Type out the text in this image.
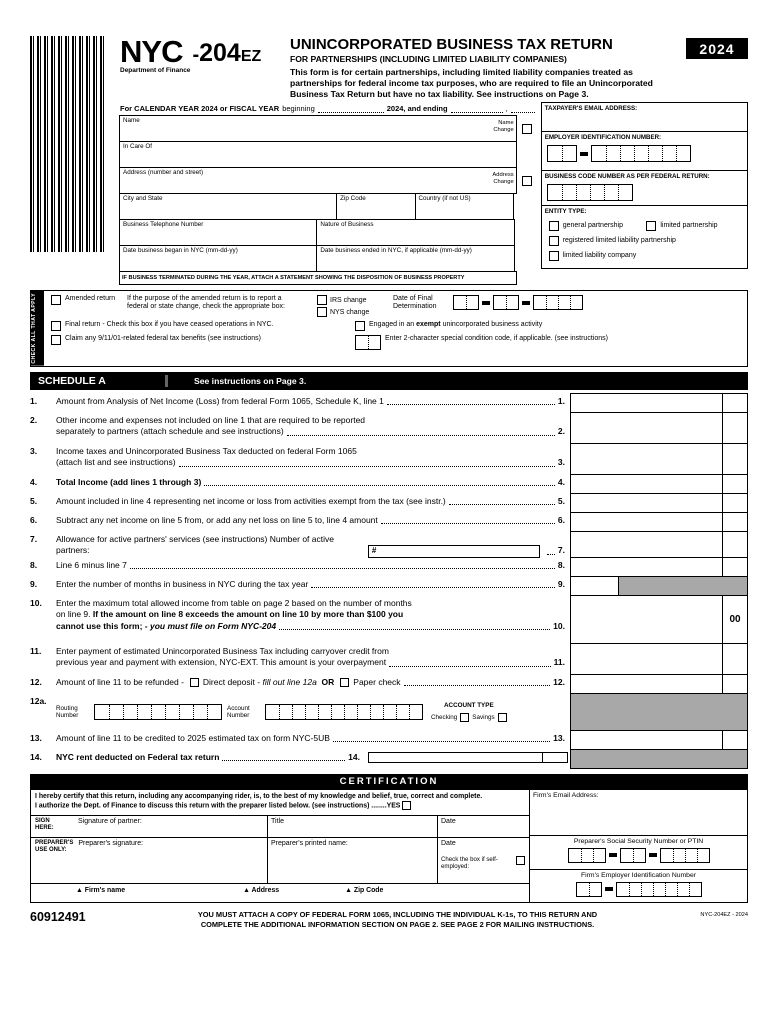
2024
NYC
Department of Finance
-204EZ
UNINCORPORATED BUSINESS TAX RETURN
FOR PARTNERSHIPS (INCLUDING LIMITED LIABILITY COMPANIES)
This form is for certain partnerships, including limited liability companies treated as partnerships for federal income tax purposes, who are required to file an Unincorporated Business Tax Return but have no tax liability. See instructions on Page 3.
For CALENDAR YEAR 2024 or FISCAL YEAR beginning	2024, and ending	,
Name	Name Change
In Care Of
Address (number and street)	Address Change
City and State	Zip Code	Country (if not US)
Business Telephone Number	Nature of Business
Date business began in NYC (mm-dd-yy)	Date business ended in NYC, if applicable (mm-dd-yy)
IF BUSINESS TERMINATED DURING THE YEAR, ATTACH A STATEMENT SHOWING THE DISPOSITION OF BUSINESS PROPERTY
TAXPAYER'S EMAIL ADDRESS:
EMPLOYER IDENTIFICATION NUMBER:
BUSINESS CODE NUMBER AS PER FEDERAL RETURN:
ENTITY TYPE:
general partnership	limited partnership
registered limited liability partnership
limited liability company
CHECK ALL THAT APPLY	Amended return	If the purpose of the amended return is to report a
federal or state change, check the appropriate box:
IRS change
NYS change
Date of Final
Determination
Final return - Check this box if you have ceased operations in NYC.	Engaged in an exempt unincorporated business activity
Claim any 9/11/01-related federal tax benefits (see instructions)	Enter 2-character special condition code, if applicable. (see instructions)
SCHEDULE A	See instructions on Page 3.
1.	Amount from Analysis of Net Income (Loss) from federal Form 1065, Schedule K, line 1	1.
2.	Other income and expenses not included on line 1 that are required to be reported
separately to partners (attach schedule and see instructions)	2.
3.	Income taxes and Unincorporated Business Tax deducted on federal Form 1065
(attach list and see instructions)	3.
4.	Total Income (add lines 1 through 3)	4.
5.	Amount included in line 4 representing net income or loss from activities exempt from the tax (see instr.)	5.
6.	Subtract any net income on line 5 from, or add any net loss on line 5 to, line 4 amount	6.
7.	Allowance for active partners' services (see instructions) Number of active partners:	#	7.
8.	Line 6 minus line 7	8.
9.	Enter the number of months in business in NYC during the tax year	9.
10.	Enter the maximum total allowed income from table on page 2 based on the number of months
on line 9. If the amount on line 8 exceeds the amount on line 10 by more than $100 you
cannot use this form; -
you must file on Form NYC-204	10.
00
11.	Enter payment of estimated Unincorporated Business Tax including carryover credit from
previous year and payment with extension, NYC-EXT. This amount is your overpayment	11.
12.	Amount of line 11 to be refunded - Direct deposit -
fill out line 12a
OR Paper check	12.
12a.
Routing Number
Account Number
ACCOUNT TYPE
Checking Savings
13.	Amount of line 11 to be credited to 2025 estimated tax on form NYC-5UB	13.
14.	NYC rent deducted on Federal tax return	14.
CERTIFICATION
I hereby certify that this return, including any accompanying rider, is, to the best of my knowledge and belief, true, correct and complete.
I authorize the Dept. of Finance to discuss this return with the preparer listed below. (see instructions) ........YES
SIGN
HERE:
Signature of partner:	Title	Date
PREPARER'S
USE ONLY:
Preparer's signature:	Preparer's printed name:	Date
Check the box if self-employed:
▲ Firm's name	▲ Address	▲ Zip Code
Firm's Email Address:
Preparer's Social Security Number or PTIN
Firm's Employer Identification Number
60912491	YOU MUST ATTACH A COPY OF FEDERAL FORM 1065, INCLUDING THE INDIVIDUAL K-1s, TO THIS RETURN AND
COMPLETE THE ADDITIONAL INFORMATION SECTION ON PAGE 2. SEE PAGE 2 FOR MAILING INSTRUCTIONS.
NYC-204EZ - 2024
